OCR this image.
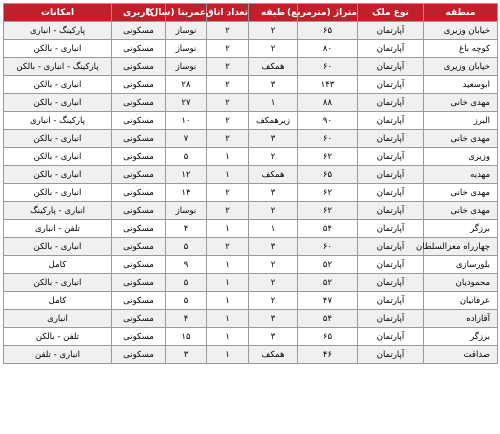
منطقه	نوع ملک	متراژ (مترمربع)	طبقه	تعداد اتاق	عمربنا (سال)	کاربری	امکانات
خیابان وزیری	آپارتمان	۶۵	۲	۲	نوساز	مسکونی	پارکینگ - انباری
کوچه باغ	آپارتمان	۸۰	۲	۲	نوساز	مسکونی	انباری - بالکن
خیابان وزیری	آپارتمان	۶۰	همکف	۲	نوساز	مسکونی	پارکینگ - انباری - بالکن
ابوسعید	آپارتمان	۱۴۳	۳	۲	۲۸	مسکونی	انباری - بالکن
مهدی خانی	آپارتمان	۸۸	۱	۲	۲۷	مسکونی	انباری - بالکن
البرز	آپارتمان	۹۰	زیرهمکف	۲	۱۰	مسکونی	پارکینگ - انباری
مهدی خانی	آپارتمان	۶۰	۳	۲	۷	مسکونی	انباری - بالکن
وزیری	آپارتمان	۶۲	۲	۱	۵	مسکونی	انباری - بالکن
مهدیه	آپارتمان	۶۵	همکف	۱	۱۲	مسکونی	انباری - بالکن
مهدی خانی	آپارتمان	۶۲	۳	۲	۱۴	مسکونی	انباری - بالکن
مهدی خانی	آپارتمان	۶۲	۲	۲	نوساز	مسکونی	انباری - پارکینگ
برزگر	آپارتمان	۵۴	۱	۱	۴	مسکونی	تلفن - انباری
چهارراه معزالسلطان	آپارتمان	۶۰	۳	۲	۵	مسکونی	انباری - بالکن
بلورسازی	آپارتمان	۵۲	۲	۱	۹	مسکونی	کامل
محمودیان	آپارتمان	۵۲	۲	۱	۵	مسکونی	انباری - بالکن
عرفانیان	آپارتمان	۴۷	۲	۱	۵	مسکونی	کامل
آقازاده	آپارتمان	۵۴	۳	۱	۴	مسکونی	انباری
برزگر	آپارتمان	۶۵	۳	۱	۱۵	مسکونی	تلفن - بالکن
صداقت	آپارتمان	۴۶	همکف	۱	۳	مسکونی	انباری - تلفن
